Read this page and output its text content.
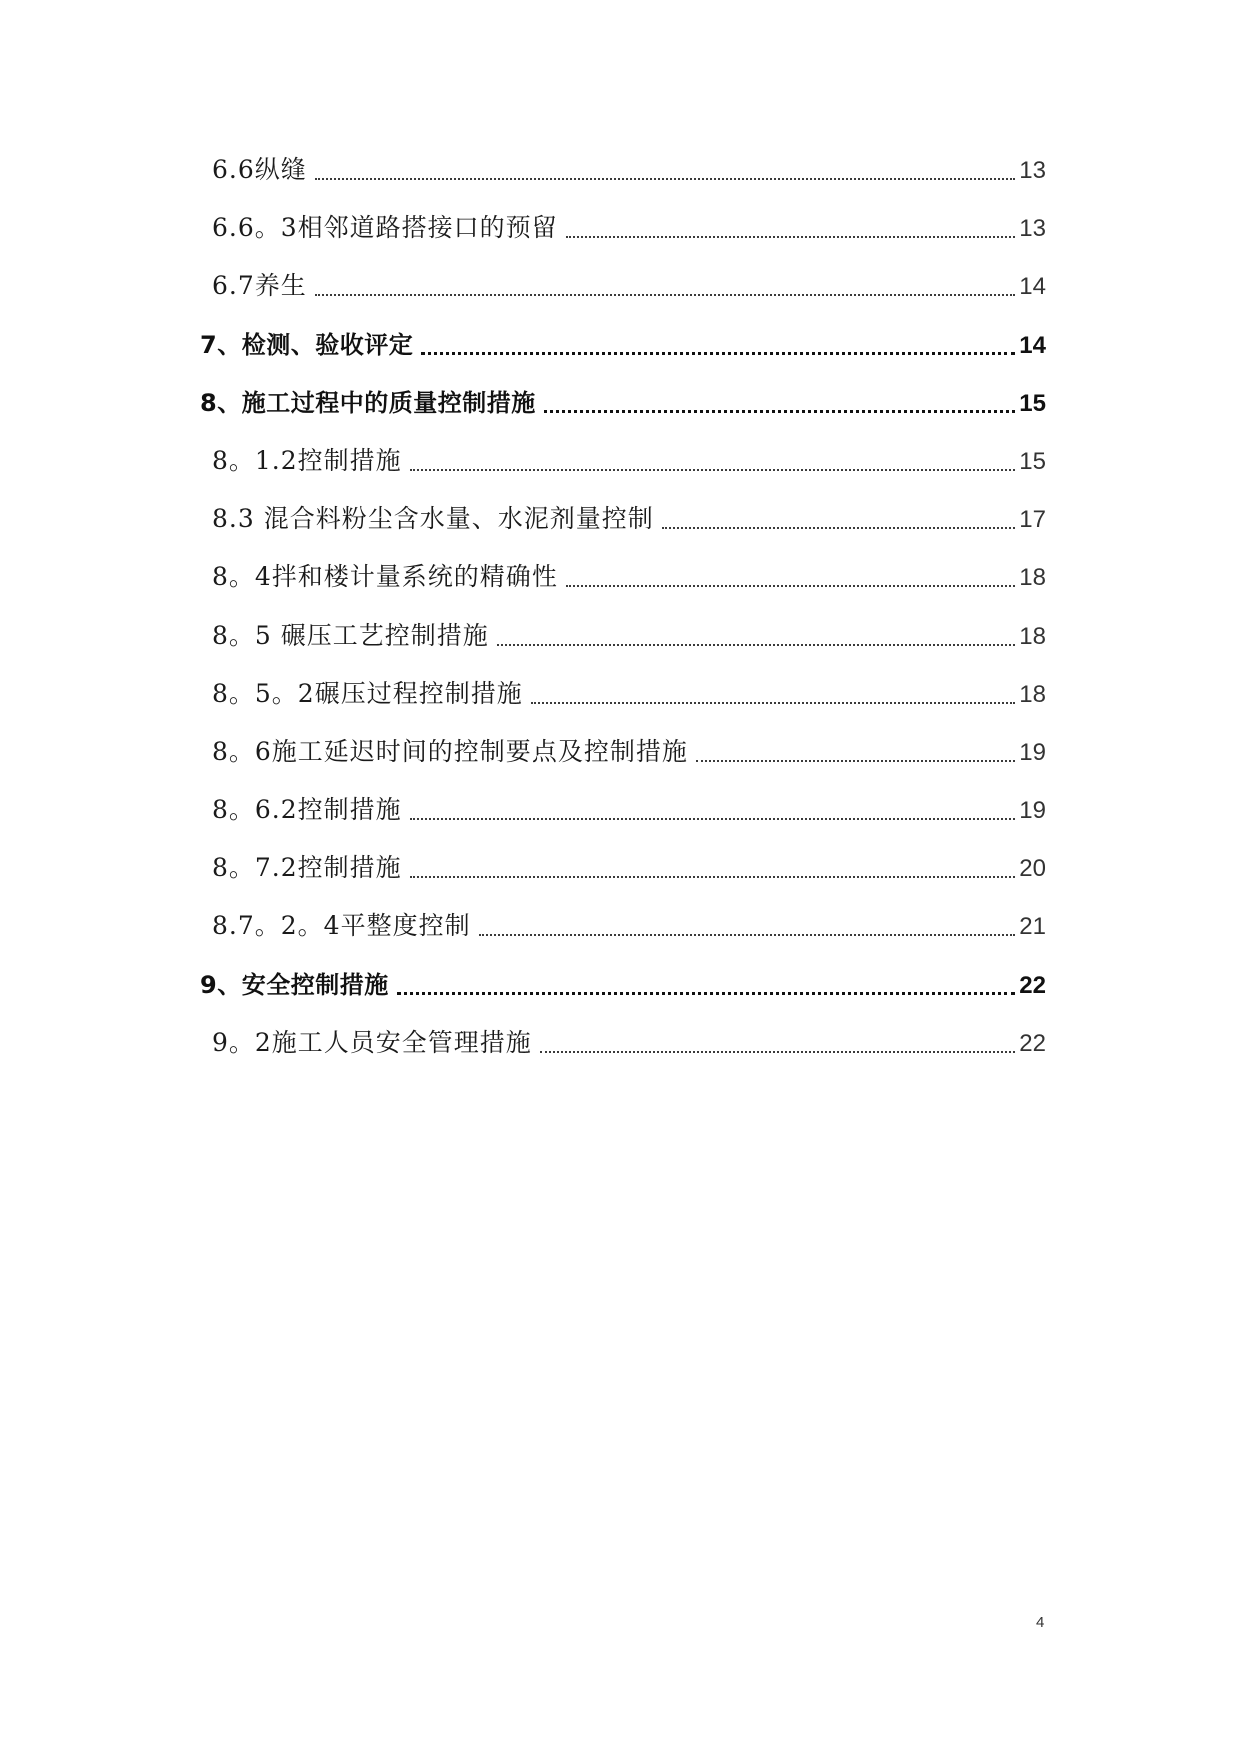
6.6纵缝	13
6.6。3相邻道路搭接口的预留	13
6.7养生	14
7、检测、验收评定	14
8、施工过程中的质量控制措施	15
8。1.2控制措施	15
8.3 混合料粉尘含水量、水泥剂量控制	17
8。4拌和楼计量系统的精确性	18
8。5 碾压工艺控制措施	18
8。5。2碾压过程控制措施	18
8。6施工延迟时间的控制要点及控制措施	19
8。6.2控制措施	19
8。7.2控制措施	20
8.7。2。4平整度控制	21
9、安全控制措施	22
9。2施工人员安全管理措施	22
4
